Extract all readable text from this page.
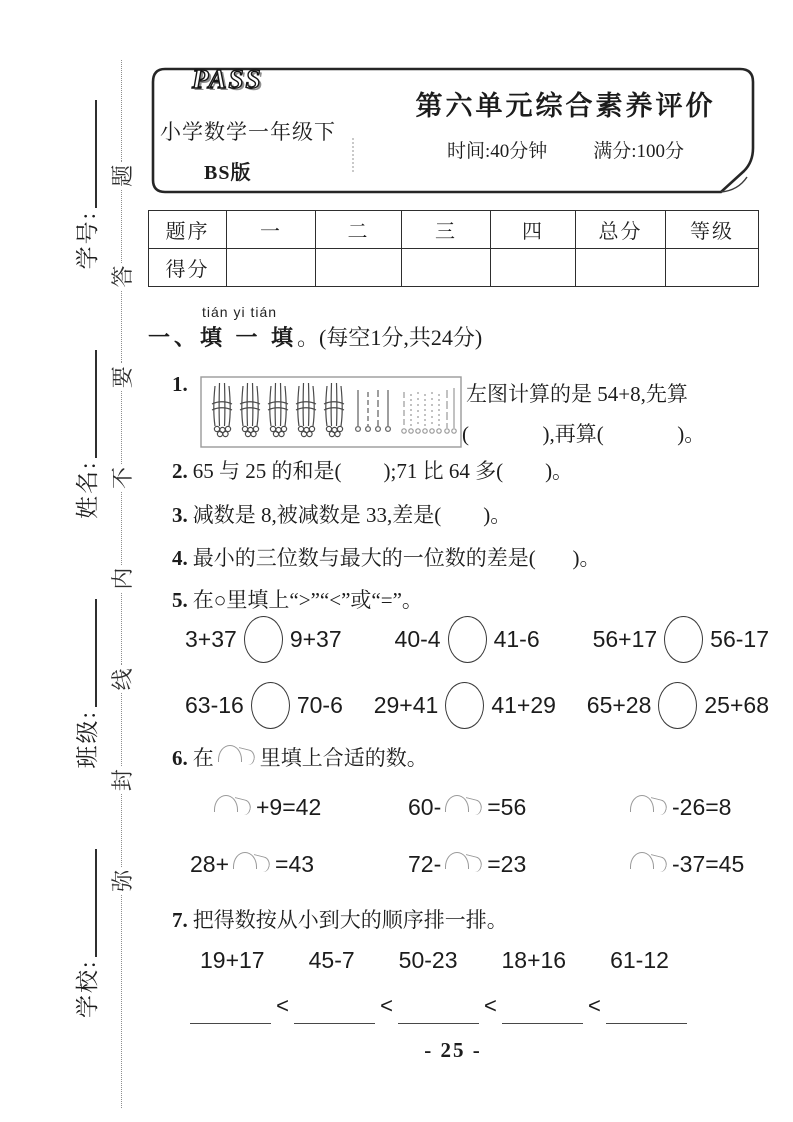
学校:
班级:
姓名:
学号:
弥
封
线
内
不
要
答
题
PASS
小学数学一年级下
BS版
第六单元综合素养评价
时间:40分钟 满分:100分
题序	一	二	三	四	总分	等级
得分						
tián yi tián
一、填 一 填。(每空1分,共24分)
1.	左图计算的是 54+8,先算
(              ),再算(              )。
2. 65 与 25 的和是(        );71 比 64 多(        )。
3. 减数是 8,被减数是 33,差是(        )。
4. 最小的三位数与最大的一位数的差是(       )。
5. 在○里填上“>”“<”或“=”。
3+37 9+37 40-4 41-6 56+17 56-17
63-16 70-6 29+41 41+29 65+28 25+68
6. 在 里填上合适的数。
+9=42	60- =56	-26=8
28+ =43	72- =23	-37=45
7. 把得数按从小到大的顺序排一排。
19+17 45-7 50-23 18+16 61-12
<	<	<	<
- 25 -
